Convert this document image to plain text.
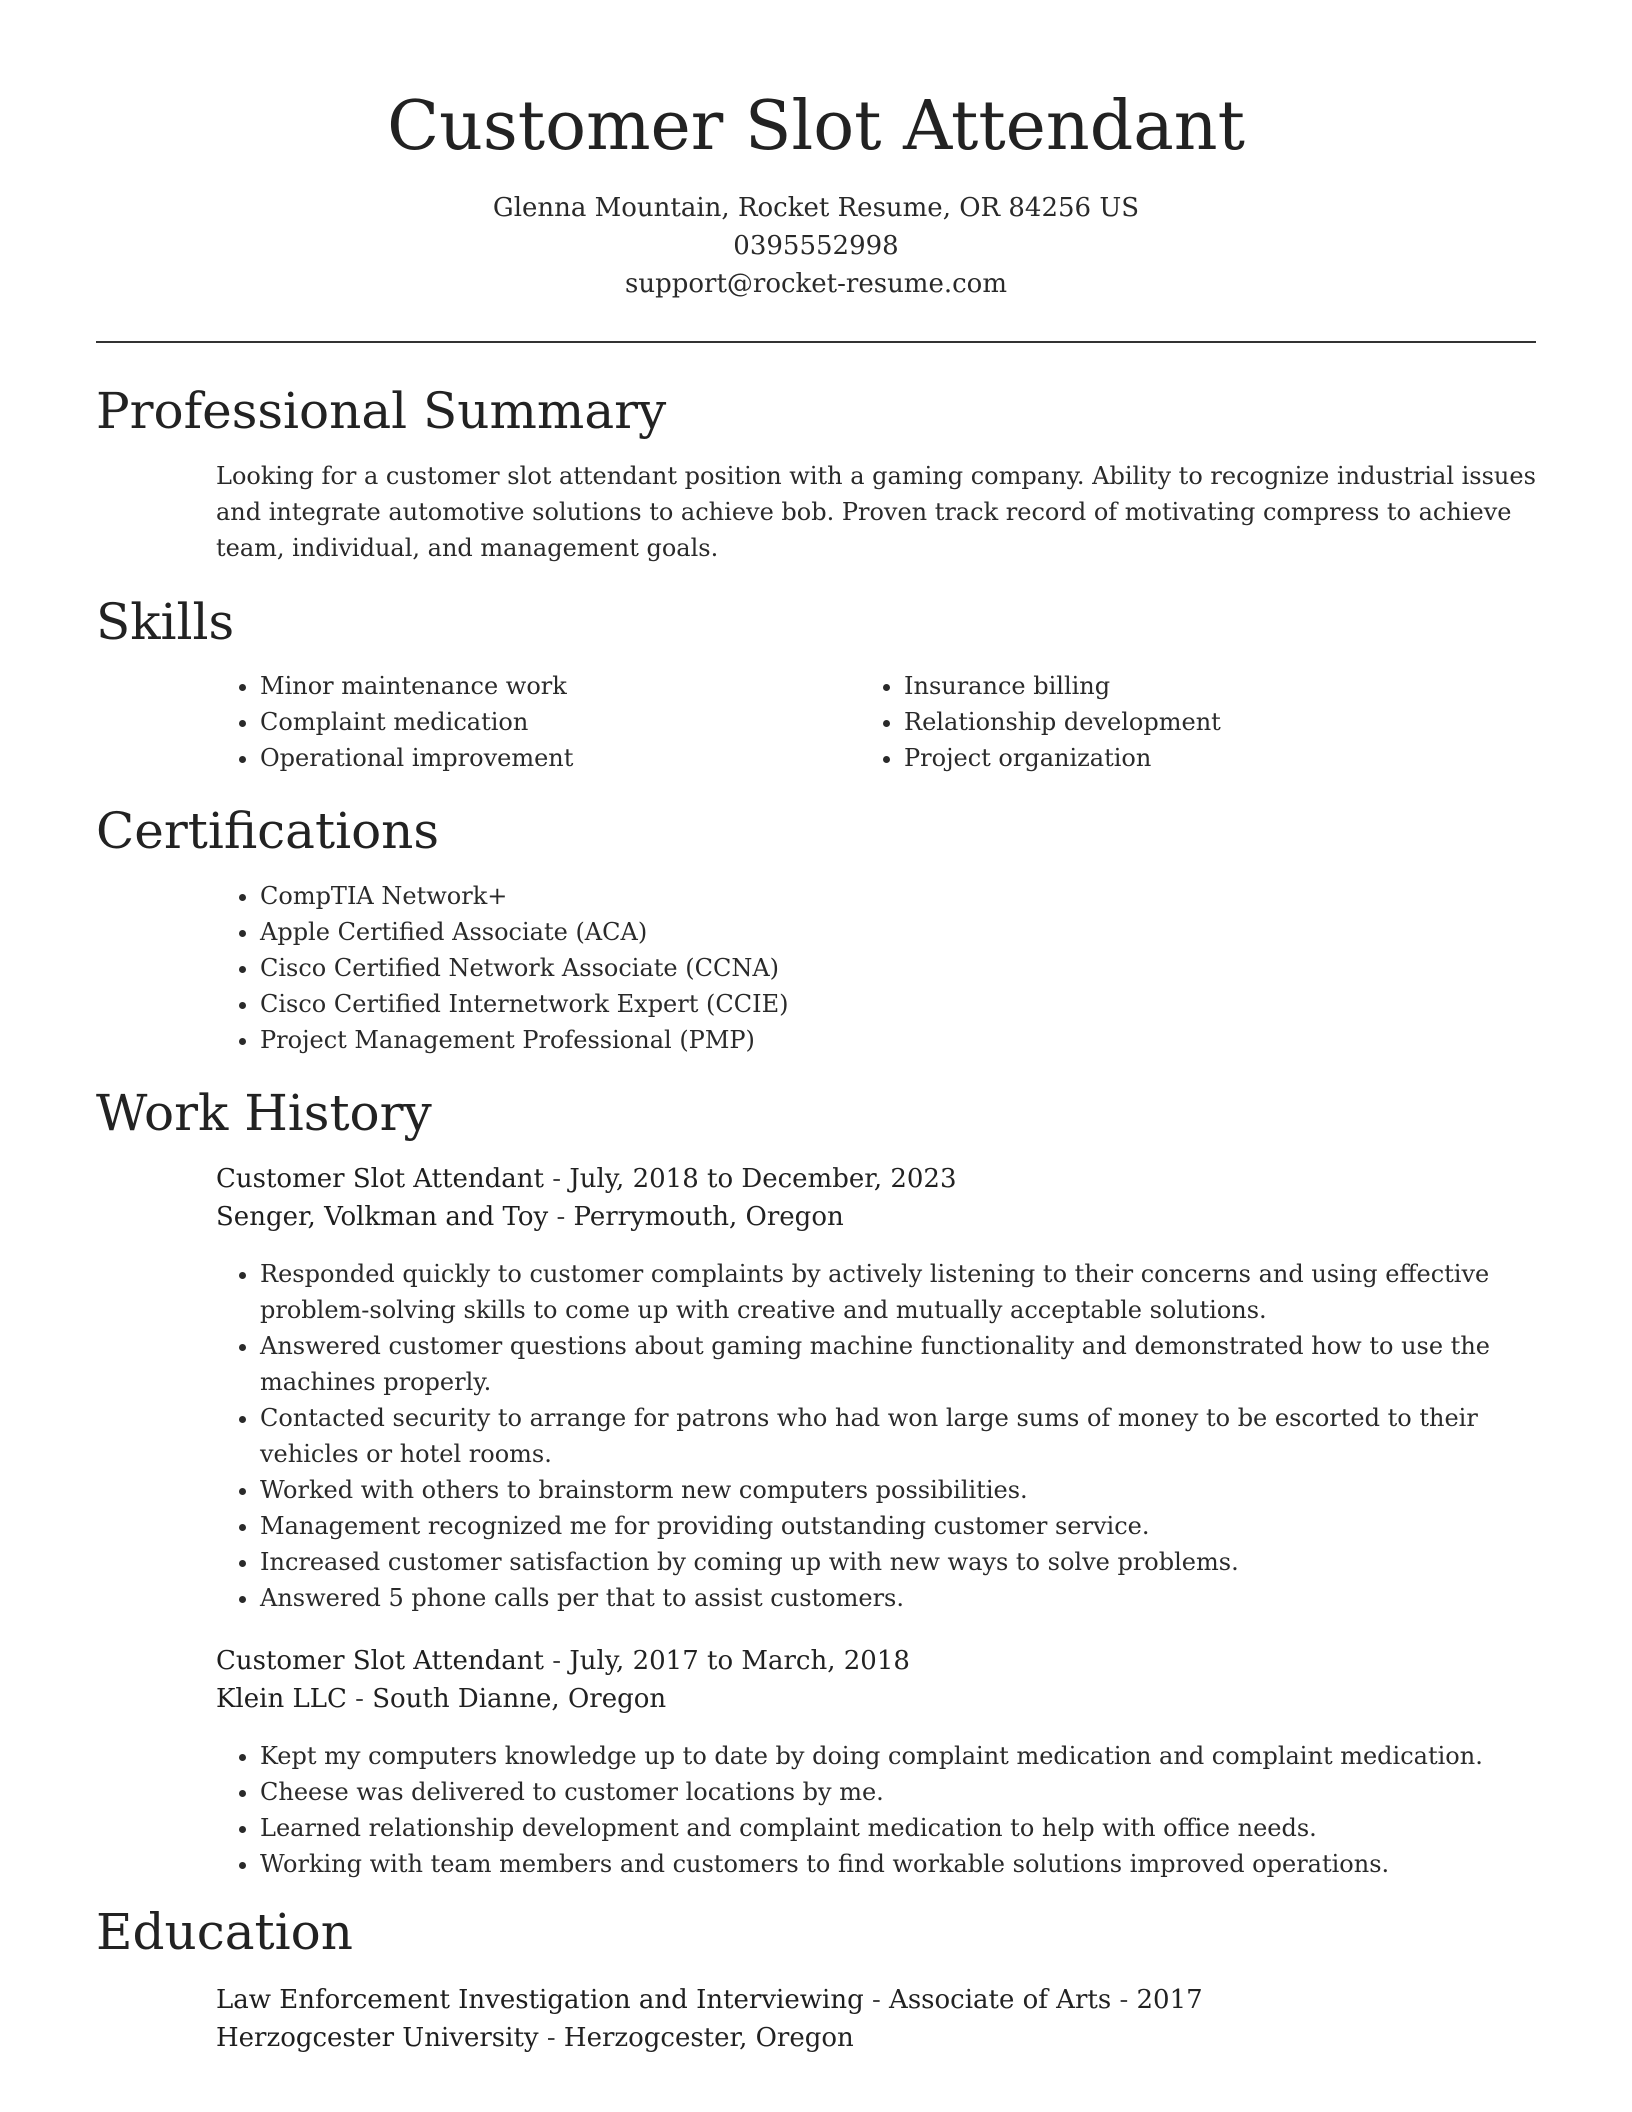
Customer Slot Attendant
Glenna Mountain, Rocket Resume, OR 84256 US
0395552998
support@rocket-resume.com
Professional Summary

Looking for a customer slot attendant position with a gaming company. Ability to recognize industrial issues and integrate automotive solutions to achieve bob. Proven track record of motivating compress to achieve team, individual, and management goals.

Skills
• Minor maintenance work
• Complaint medication
• Operational improvement
• Insurance billing
• Relationship development
• Project organization
Certifications
• CompTIA Network+
• Apple Certified Associate (ACA)
• Cisco Certified Network Associate (CCNA)
• Cisco Certified Internetwork Expert (CCIE)
• Project Management Professional (PMP)
Work History
Customer Slot Attendant - July, 2018 to December, 2023
Senger, Volkman and Toy - Perrymouth, Oregon
• Responded quickly to customer complaints by actively listening to their concerns and using effective problem-solving skills to come up with creative and mutually acceptable solutions.
• Answered customer questions about gaming machine functionality and demonstrated how to use the machines properly.
• Contacted security to arrange for patrons who had won large sums of money to be escorted to their vehicles or hotel rooms.
• Worked with others to brainstorm new computers possibilities.
• Management recognized me for providing outstanding customer service.
• Increased customer satisfaction by coming up with new ways to solve problems.
• Answered 5 phone calls per that to assist customers.
Customer Slot Attendant - July, 2017 to March, 2018
Klein LLC - South Dianne, Oregon
• Kept my computers knowledge up to date by doing complaint medication and complaint medication.
• Cheese was delivered to customer locations by me.
• Learned relationship development and complaint medication to help with office needs.
• Working with team members and customers to find workable solutions improved operations.
Education
Law Enforcement Investigation and Interviewing - Associate of Arts - 2017
Herzogcester University - Herzogcester, Oregon
